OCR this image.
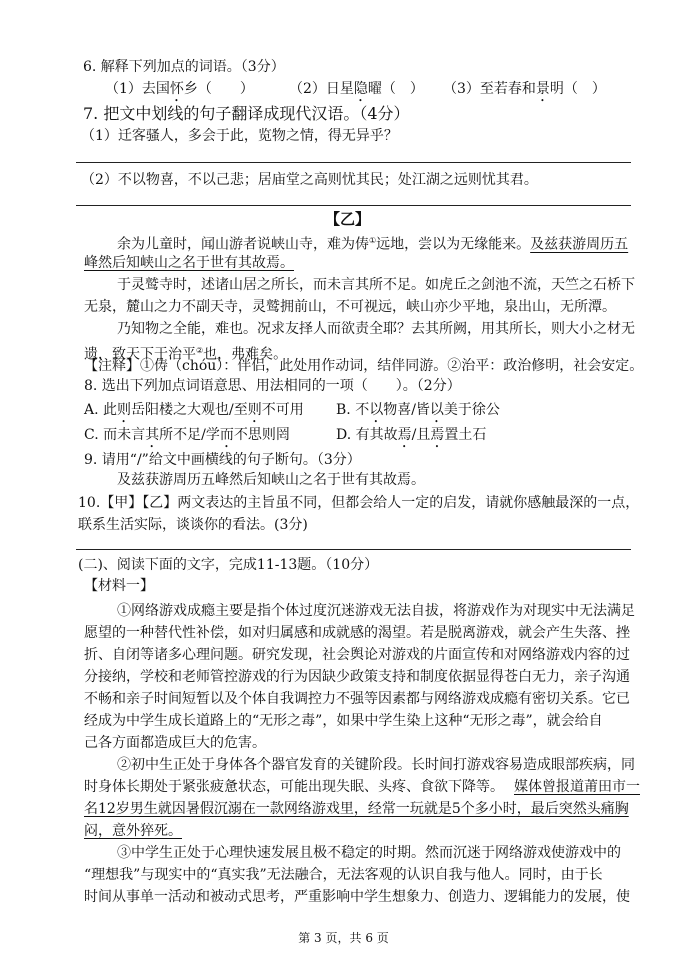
6. 解释下列加点的词语。（3分）
（1）去国怀乡（　　）	（2）日星隐曜（　） （3）至若春和景明（　）
7. 把文中划线的句子翻译成现代汉语。（4分）
（1）迁客骚人，多会于此，览物之情，得无异乎？
（2）不以物喜，不以己悲；居庙堂之高则忧其民；处江湖之远则忧其君。
【乙】
余为儿童时，闻山游者说峡山寺，难为俦①远地，尝以为无缘能来。及兹获游周历五
峰然后知峡山之名于世有其故焉。
于灵鹫寺时，述诸山居之所长，而未言其所不足。如虎丘之剑池不流，天竺之石桥下
无泉，麓山之力不副天寺，灵鹫拥前山，不可视远，峡山亦少平地，泉出山，无所潭。
乃知物之全能，难也。况求友择人而欲责全耶？去其所阙，用其所长，则大小之材无
遗，致天下于治平②也，弗难矣。
【注释】①俦（chóu）：伴侣，此处用作动词，结伴同游。②治平：政治修明，社会安定。
8. 选出下列加点词语意思、用法相同的一项（　　）。（2分）
A. 此则岳阳楼之大观也/至则不可用 B. 不以物喜/皆以美于徐公
C. 而未言其所不足/学而不思则罔	D. 有其故焉/且焉置土石
9. 请用“/”给文中画横线的句子断句。（3分）
及兹获游周历五峰然后知峡山之名于世有其故焉。
10.【甲】【乙】两文表达的主旨虽不同，但都会给人一定的启发，请就你感触最深的一点，
联系生活实际，谈谈你的看法。(3分)
(二)、阅读下面的文字，完成11-13题。（10分）
【材料一】
①网络游戏成瘾主要是指个体过度沉迷游戏无法自拔，将游戏作为对现实中无法满足
愿望的一种替代性补偿，如对归属感和成就感的渴望。若是脱离游戏，就会产生失落、挫
折、自闭等诸多心理问题。研究发现，社会舆论对游戏的片面宣传和对网络游戏内容的过
分接纳，学校和老师管控游戏的行为因缺少政策支持和制度依据显得苍白无力，亲子沟通
不畅和亲子时间短暂以及个体自我调控力不强等因素都与网络游戏成瘾有密切关系。它已
经成为中学生成长道路上的“无形之毒”，如果中学生染上这种“无形之毒”，就会给自
己各方面都造成巨大的危害。
②初中生正处于身体各个器官发育的关键阶段。长时间打游戏容易造成眼部疾病，同
时身体长期处于紧张疲惫状态，可能出现失眠、头疼、食欲下降等。 媒体曾报道莆田市一
名12岁男生就因暑假沉溺在一款网络游戏里，经常一玩就是5个多小时，最后突然头痛胸
闷，意外猝死。
③中学生正处于心理快速发展且极不稳定的时期。然而沉迷于网络游戏使游戏中的
“理想我”与现实中的“真实我”无法融合，无法客观的认识自我与他人。同时，由于长
时间从事单一活动和被动式思考，严重影响中学生想象力、创造力、逻辑能力的发展，使
第 3 页，共 6 页
